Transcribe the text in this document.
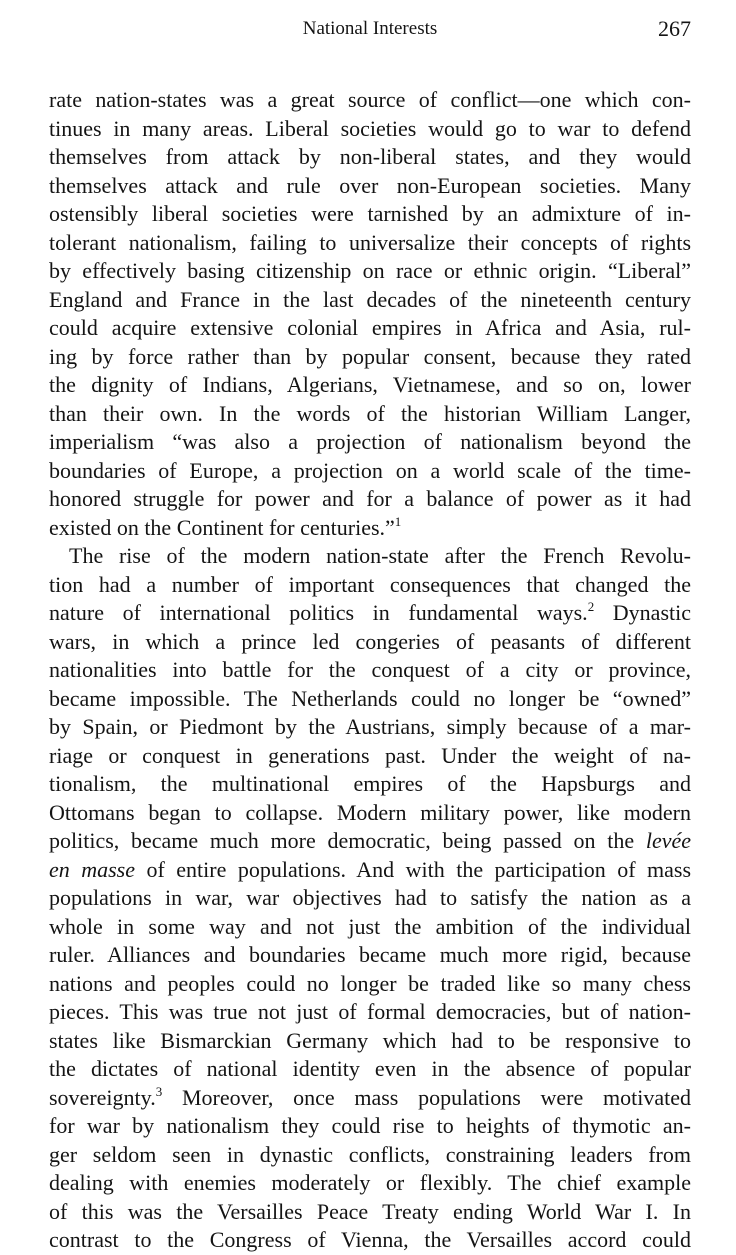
National Interests	267
rate nation-states was a great source of conflict—one which con-
tinues in many areas. Liberal societies would go to war to defend
themselves from attack by non-liberal states, and they would
themselves attack and rule over non-European societies. Many
ostensibly liberal societies were tarnished by an admixture of in-
tolerant nationalism, failing to universalize their concepts of rights
by effectively basing citizenship on race or ethnic origin. “Liberal”
England and France in the last decades of the nineteenth century
could acquire extensive colonial empires in Africa and Asia, rul-
ing by force rather than by popular consent, because they rated
the dignity of Indians, Algerians, Vietnamese, and so on, lower
than their own. In the words of the historian William Langer,
imperialism “was also a projection of nationalism beyond the
boundaries of Europe, a projection on a world scale of the time-
honored struggle for power and for a balance of power as it had
existed on the Continent for centuries.”$^1$
The rise of the modern nation-state after the French Revolu-
tion had a number of important consequences that changed the
nature of international politics in fundamental ways.$^2$ Dynastic
wars, in which a prince led congeries of peasants of different
nationalities into battle for the conquest of a city or province,
became impossible. The Netherlands could no longer be “owned”
by Spain, or Piedmont by the Austrians, simply because of a mar-
riage or conquest in generations past. Under the weight of na-
tionalism, the multinational empires of the Hapsburgs and
Ottomans began to collapse. Modern military power, like modern
politics, became much more democratic, being passed on the levée
en masse of entire populations. And with the participation of mass
populations in war, war objectives had to satisfy the nation as a
whole in some way and not just the ambition of the individual
ruler. Alliances and boundaries became much more rigid, because
nations and peoples could no longer be traded like so many chess
pieces. This was true not just of formal democracies, but of nation-
states like Bismarckian Germany which had to be responsive to
the dictates of national identity even in the absence of popular
sovereignty.$^3$ Moreover, once mass populations were motivated
for war by nationalism they could rise to heights of thymotic an-
ger seldom seen in dynastic conflicts, constraining leaders from
dealing with enemies moderately or flexibly. The chief example
of this was the Versailles Peace Treaty ending World War I. In
contrast to the Congress of Vienna, the Versailles accord could
